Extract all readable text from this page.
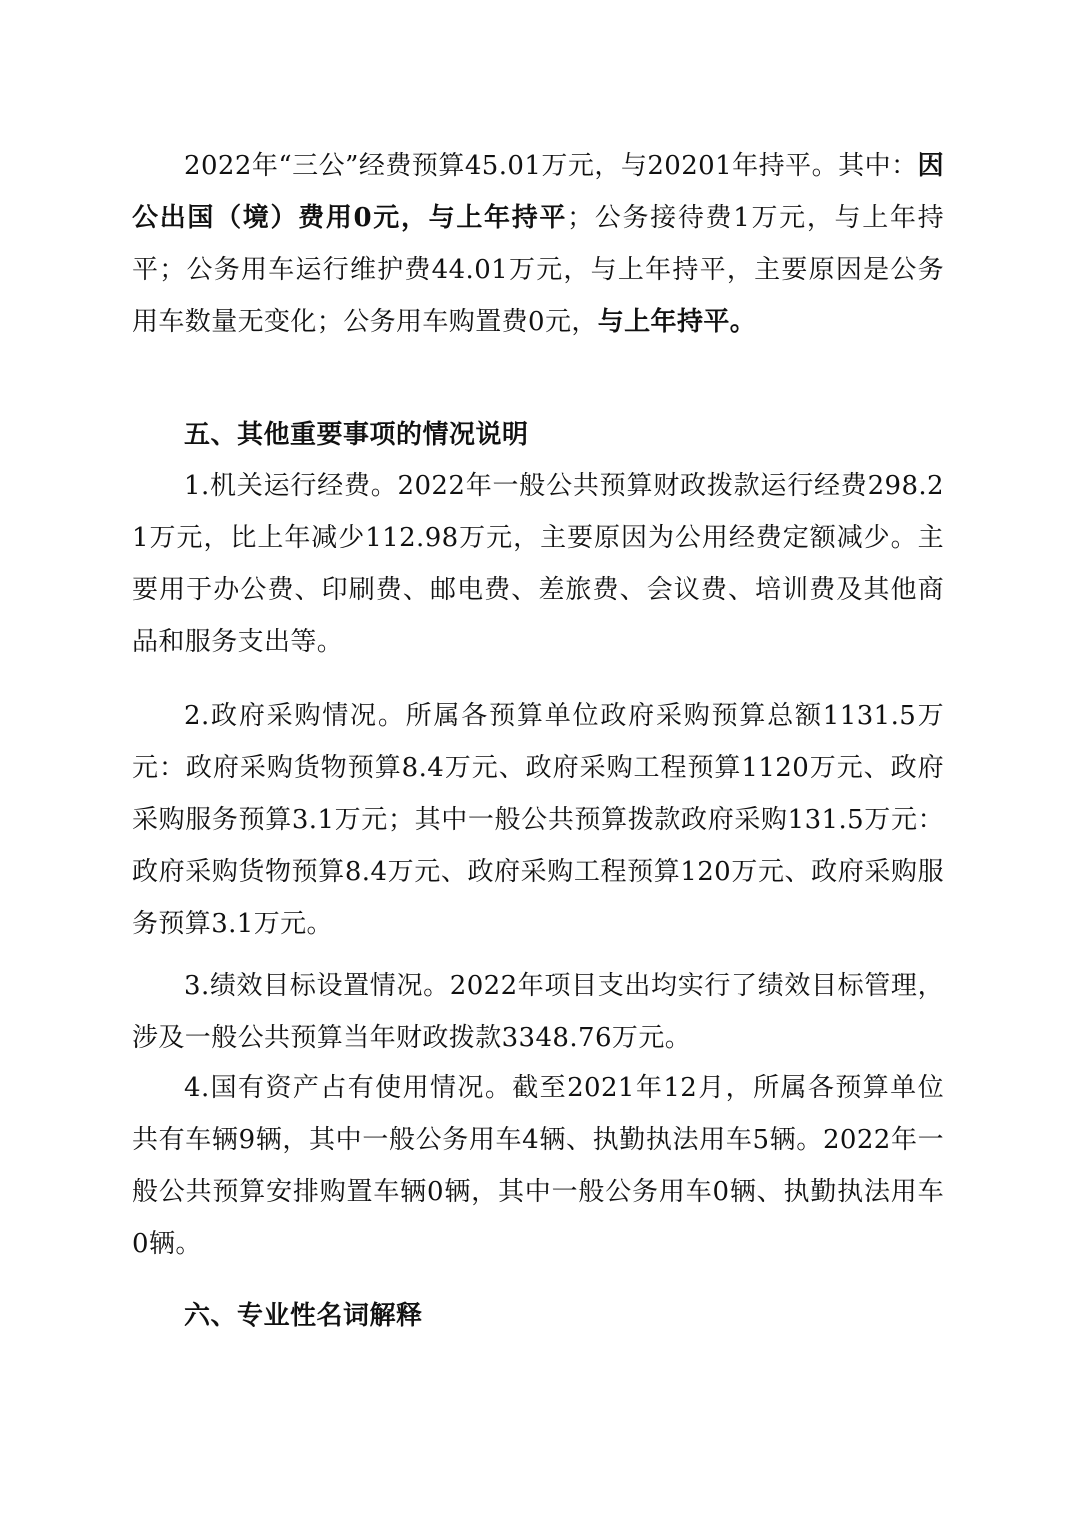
2022年“三公”经费预算45.01万元，与20201年持平。其中：因公出国（境）费用0元，与上年持平；公务接待费1万元，与上年持平；公务用车运行维护费44.01万元，与上年持平，主要原因是公务用车数量无变化；公务用车购置费0元，与上年持平。

五、其他重要事项的情况说明

1.机关运行经费。2022年一般公共预算财政拨款运行经费298.21万元，比上年减少112.98万元，主要原因为公用经费定额减少。主要用于办公费、印刷费、邮电费、差旅费、会议费、培训费及其他商品和服务支出等。

2.政府采购情况。所属各预算单位政府采购预算总额1131.5万元：政府采购货物预算8.4万元、政府采购工程预算1120万元、政府采购服务预算3.1万元；其中一般公共预算拨款政府采购131.5万元：政府采购货物预算8.4万元、政府采购工程预算120万元、政府采购服务预算3.1万元。

3.绩效目标设置情况。2022年项目支出均实行了绩效目标管理，涉及一般公共预算当年财政拨款3348.76万元。

4.国有资产占有使用情况。截至2021年12月，所属各预算单位共有车辆9辆，其中一般公务用车4辆、执勤执法用车5辆。2022年一般公共预算安排购置车辆0辆，其中一般公务用车0辆、执勤执法用车0辆。

六、专业性名词解释
